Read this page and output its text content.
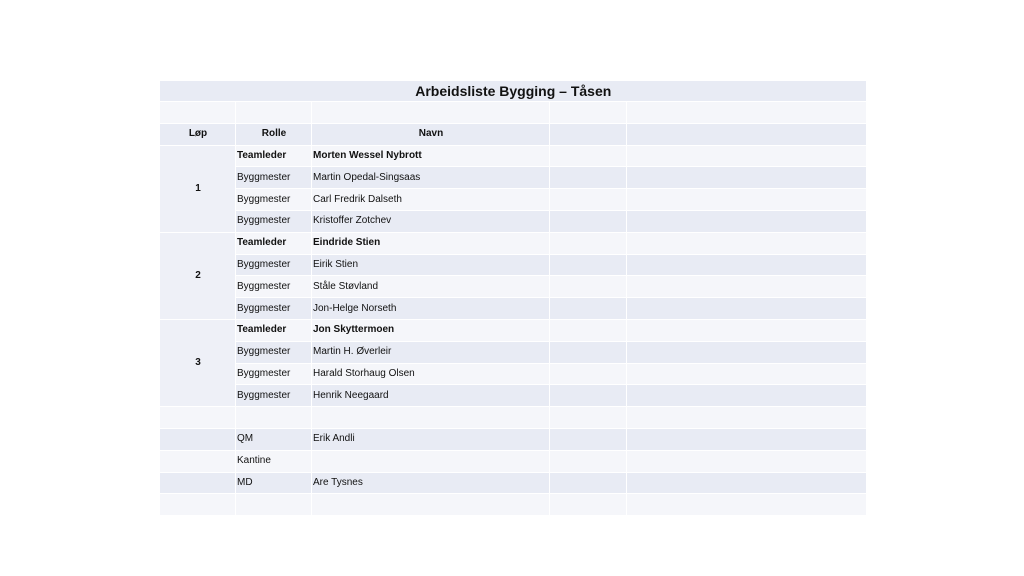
Arbeidsliste Bygging – Tåsen				

Løp	Rolle	Navn		
1	Teamleder	Morten Wessel Nybrott		
	Byggmester	Martin Opedal-Singsaas		
	Byggmester	Carl Fredrik Dalseth		
	Byggmester	Kristoffer Zotchev		
2	Teamleder	Eindride Stien		
	Byggmester	Eirik Stien		
	Byggmester	Ståle Støvland		
	Byggmester	Jon-Helge Norseth		
3	Teamleder	Jon Skyttermoen		
	Byggmester	Martin H. Øverleir		
	Byggmester	Harald Storhaug Olsen		
	Byggmester	Henrik Neegaard		

	QM	Erik Andli		
	Kantine			
	MD	Are Tysnes		
